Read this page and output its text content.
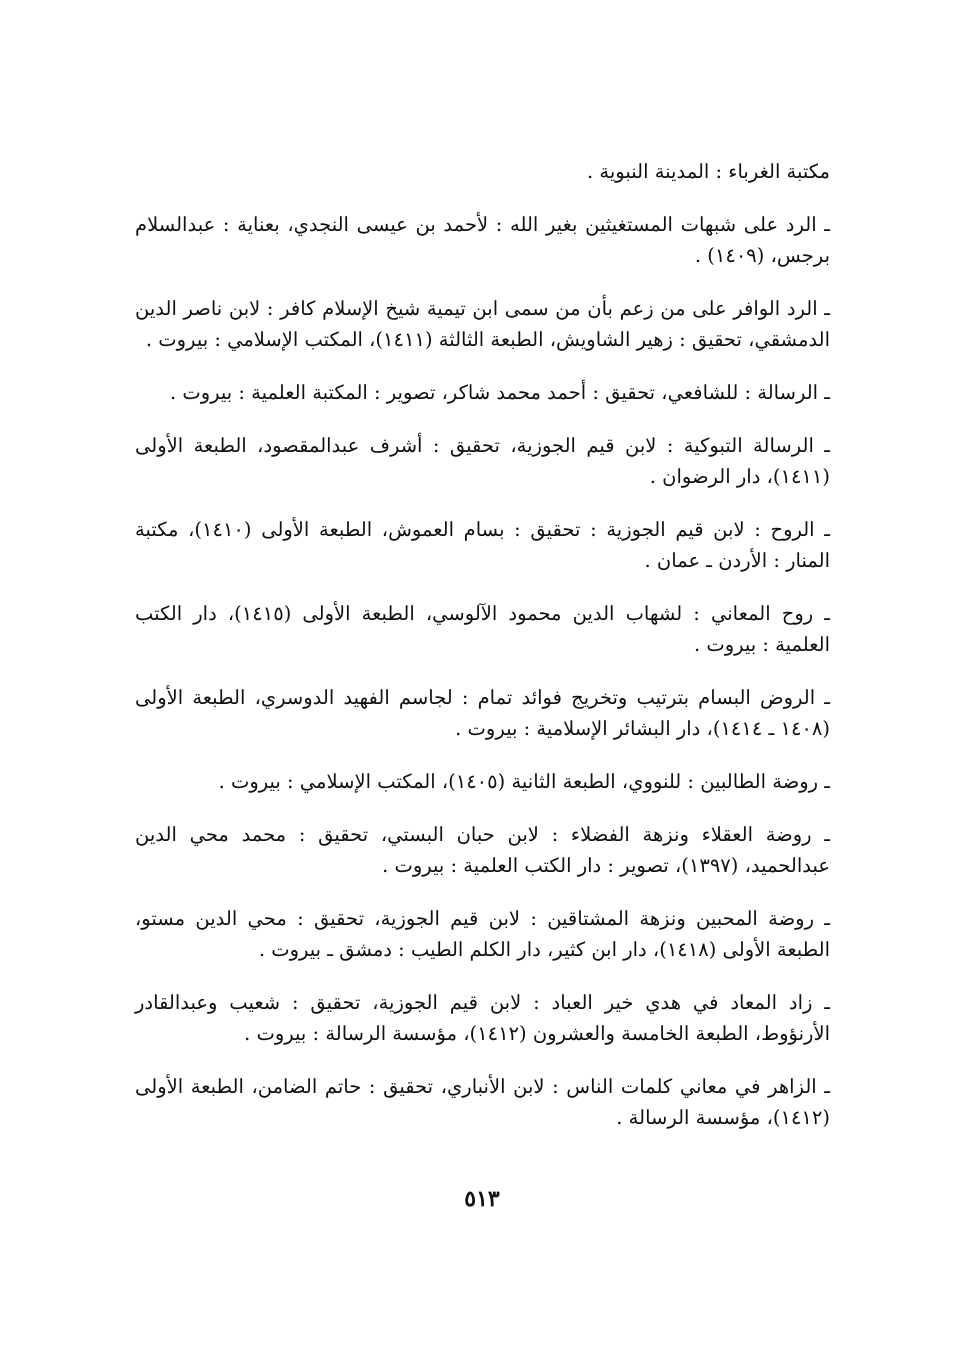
مكتبة الغرباء : المدينة النبوية .

ـ الرد على شبهات المستغيثين بغير الله : لأحمد بن عيسى النجدي، بعناية : عبدالسلام برجس، (١٤٠٩) .

ـ الرد الوافر على من زعم بأن من سمى ابن تيمية شيخ الإسلام كافر : لابن ناصر الدين الدمشقي، تحقيق : زهير الشاويش، الطبعة الثالثة (١٤١١)، المكتب الإسلامي : بيروت .

ـ الرسالة : للشافعي، تحقيق : أحمد محمد شاكر، تصوير : المكتبة العلمية : بيروت .

ـ الرسالة التبوكية : لابن قيم الجوزية، تحقيق : أشرف عبدالمقصود، الطبعة الأولى (١٤١١)، دار الرضوان .

ـ الروح : لابن قيم الجوزية : تحقيق : بسام العموش، الطبعة الأولى (١٤١٠)، مكتبة المنار : الأردن ـ عمان .

ـ روح المعاني : لشهاب الدين محمود الآلوسي، الطبعة الأولى (١٤١٥)، دار الكتب العلمية : بيروت .

ـ الروض البسام بترتيب وتخريج فوائد تمام : لجاسم الفهيد الدوسري، الطبعة الأولى (١٤٠٨ ـ ١٤١٤)، دار البشائر الإسلامية : بيروت .

ـ روضة الطالبين : للنووي، الطبعة الثانية (١٤٠٥)، المكتب الإسلامي : بيروت .

ـ روضة العقلاء ونزهة الفضلاء : لابن حبان البستي، تحقيق : محمد محي الدين عبدالحميد، (١٣٩٧)، تصوير : دار الكتب العلمية : بيروت .

ـ روضة المحبين ونزهة المشتاقين : لابن قيم الجوزية، تحقيق : محي الدين مستو، الطبعة الأولى (١٤١٨)، دار ابن كثير، دار الكلم الطيب : دمشق ـ بيروت .

ـ زاد المعاد في هدي خير العباد : لابن قيم الجوزية، تحقيق : شعيب وعبدالقادر الأرنؤوط، الطبعة الخامسة والعشرون (١٤١٢)، مؤسسة الرسالة : بيروت .

ـ الزاهر في معاني كلمات الناس : لابن الأنباري، تحقيق : حاتم الضامن، الطبعة الأولى (١٤١٢)، مؤسسة الرسالة .

٥١٣
